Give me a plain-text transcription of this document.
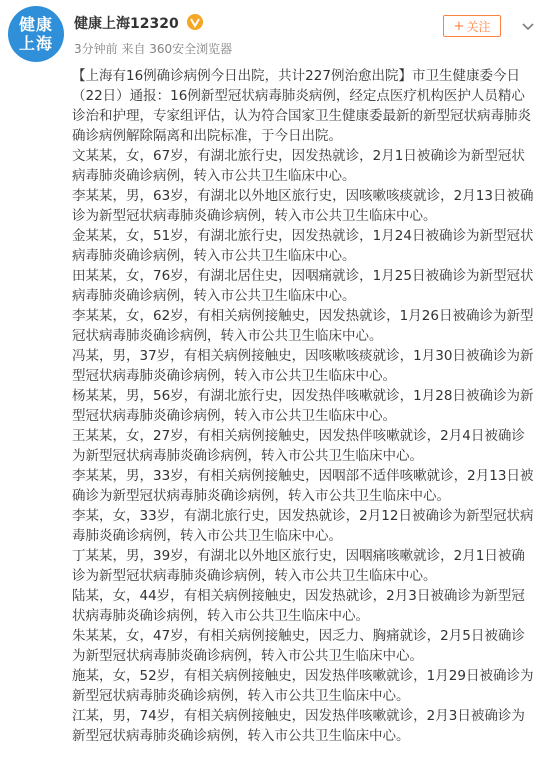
健康
上海
健康上海12320
3分钟前 来自 360安全浏览器
+ 关注

【上海有16例确诊病例今日出院，共计227例治愈出院】市卫生健康委今日（22日）通报：16例新型冠状病毒肺炎病例，经定点医疗机构医护人员精心诊治和护理，专家组评估，认为符合国家卫生健康委最新的新型冠状病毒肺炎确诊病例解除隔离和出院标准，于今日出院。

文某某，女，67岁，有湖北旅行史，因发热就诊，2月1日被确诊为新型冠状病毒肺炎确诊病例，转入市公共卫生临床中心。

李某某，男，63岁，有湖北以外地区旅行史，因咳嗽咳痰就诊，2月13日被确诊为新型冠状病毒肺炎确诊病例，转入市公共卫生临床中心。

金某某，女，51岁，有湖北旅行史，因发热就诊，1月24日被确诊为新型冠状病毒肺炎确诊病例，转入市公共卫生临床中心。

田某某，女，76岁，有湖北居住史，因咽痛就诊，1月25日被确诊为新型冠状病毒肺炎确诊病例，转入市公共卫生临床中心。

李某某，女，62岁，有相关病例接触史，因发热就诊，1月26日被确诊为新型冠状病毒肺炎确诊病例，转入市公共卫生临床中心。

冯某，男，37岁，有相关病例接触史，因咳嗽咳痰就诊，1月30日被确诊为新型冠状病毒肺炎确诊病例，转入市公共卫生临床中心。

杨某某，男，56岁，有湖北旅行史，因发热伴咳嗽就诊，1月28日被确诊为新型冠状病毒肺炎确诊病例，转入市公共卫生临床中心。

王某某，女，27岁，有相关病例接触史，因发热伴咳嗽就诊，2月4日被确诊为新型冠状病毒肺炎确诊病例，转入市公共卫生临床中心。

李某某，男，33岁，有相关病例接触史，因咽部不适伴咳嗽就诊，2月13日被确诊为新型冠状病毒肺炎确诊病例，转入市公共卫生临床中心。

李某，女，33岁，有湖北旅行史，因发热就诊，2月12日被确诊为新型冠状病毒肺炎确诊病例，转入市公共卫生临床中心。

丁某某，男，39岁，有湖北以外地区旅行史，因咽痛咳嗽就诊，2月1日被确诊为新型冠状病毒肺炎确诊病例，转入市公共卫生临床中心。

陆某，女，44岁，有相关病例接触史，因发热就诊，2月3日被确诊为新型冠状病毒肺炎确诊病例，转入市公共卫生临床中心。

朱某某，女，47岁，有相关病例接触史，因乏力、胸痛就诊，2月5日被确诊为新型冠状病毒肺炎确诊病例，转入市公共卫生临床中心。

施某，女，52岁，有相关病例接触史，因发热伴咳嗽就诊，1月29日被确诊为新型冠状病毒肺炎确诊病例，转入市公共卫生临床中心。

江某，男，74岁，有相关病例接触史，因发热伴咳嗽就诊，2月3日被确诊为新型冠状病毒肺炎确诊病例，转入市公共卫生临床中心。
